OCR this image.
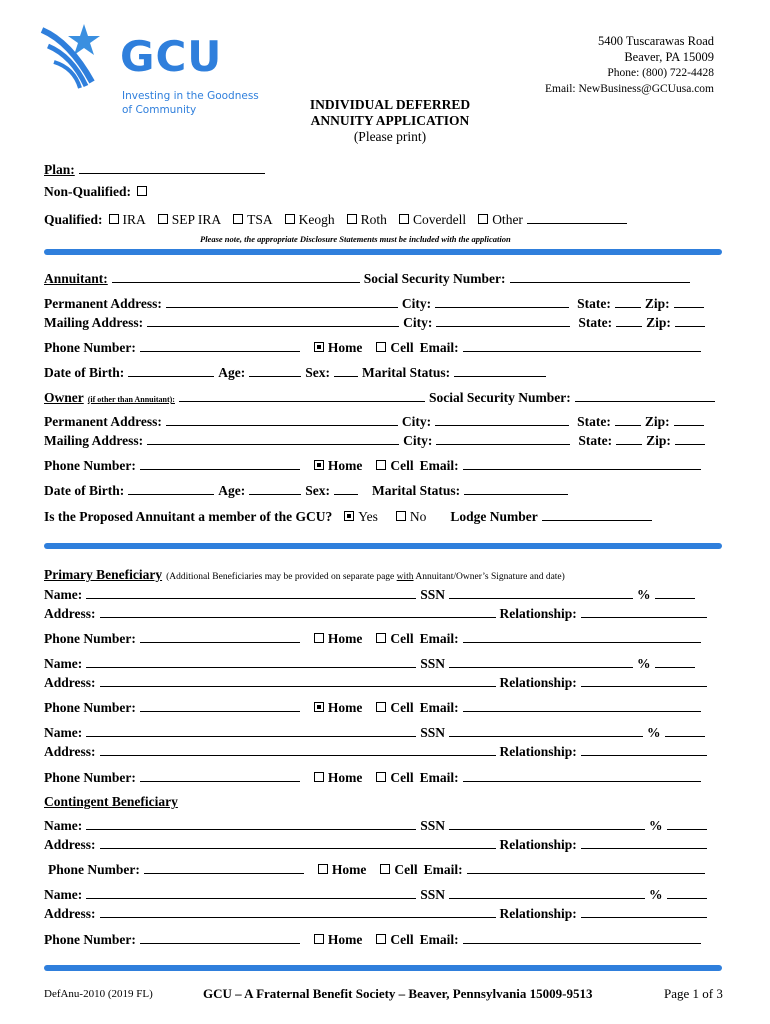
GCU
Investing in the Goodness
of Community
5400 Tuscarawas Road
Beaver, PA 15009
Phone: (800) 722-4428
Email: NewBusiness@GCUusa.com
INDIVIDUAL DEFERRED
ANNUITY APPLICATION
(Please print)
Plan:
Non-Qualified:
Qualified: IRA SEP IRA TSA Keogh Roth Coverdell Other
Please note, the appropriate Disclosure Statements must be included with the application
Annuitant:	Social Security Number:
Permanent Address:	City:	State:	Zip:
Mailing Address:	City:	State:	Zip:
Phone Number:	Home Cell Email:
Date of Birth:	Age:	Sex: Marital Status:
Owner (if other than Annuitant):	Social Security Number:
Permanent Address:	City:	State:	Zip:
Mailing Address:	City:	State:	Zip:
Phone Number:	Home Cell Email:
Date of Birth:	Age:	Sex:	Marital Status:
Is the Proposed Annuitant a member of the GCU? Yes No Lodge Number
Primary Beneficiary (Additional Beneficiaries may be provided on separate page with Annuitant/Owner’s Signature and date)
Name:	SSN	%
Address:	Relationship:
Phone Number:	Home Cell Email:
Name:	SSN	%
Address:	Relationship:
Phone Number:	Home Cell Email:
Name:	SSN	%
Address:	Relationship:
Phone Number:	Home Cell Email:
Contingent Beneficiary
Name:	SSN	%
Address:	Relationship:
Phone Number:	Home Cell Email:
Name:	SSN	%
Address:	Relationship:
Phone Number:	Home Cell Email:
DefAnu-2010 (2019 FL)	GCU – A Fraternal Benefit Society – Beaver, Pennsylvania 15009-9513	Page 1 of 3
